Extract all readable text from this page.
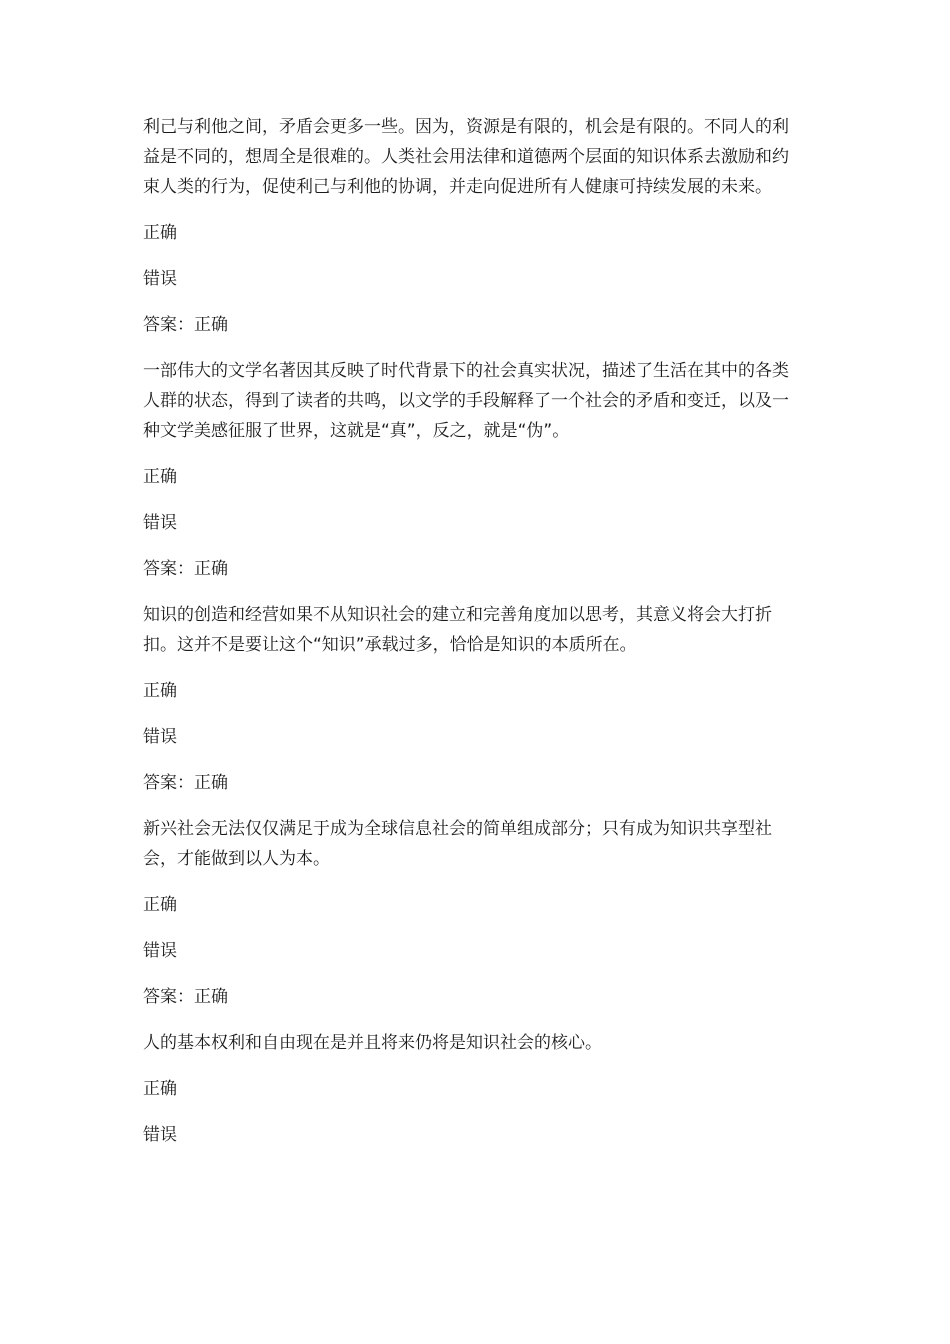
利己与利他之间，矛盾会更多一些。因为，资源是有限的，机会是有限的。不同人的利益是不同的，想周全是很难的。人类社会用法律和道德两个层面的知识体系去激励和约束人类的行为，促使利己与利他的协调，并走向促进所有人健康可持续发展的未来。

正确

错误

答案：正确

一部伟大的文学名著因其反映了时代背景下的社会真实状况，描述了生活在其中的各类人群的状态，得到了读者的共鸣，以文学的手段解释了一个社会的矛盾和变迁，以及一种文学美感征服了世界，这就是“真”，反之，就是“伪”。

正确

错误

答案：正确

知识的创造和经营如果不从知识社会的建立和完善角度加以思考，其意义将会大打折扣。这并不是要让这个“知识”承载过多，恰恰是知识的本质所在。

正确

错误

答案：正确

新兴社会无法仅仅满足于成为全球信息社会的简单组成部分；只有成为知识共享型社会，才能做到以人为本。

正确

错误

答案：正确

人的基本权利和自由现在是并且将来仍将是知识社会的核心。

正确

错误
